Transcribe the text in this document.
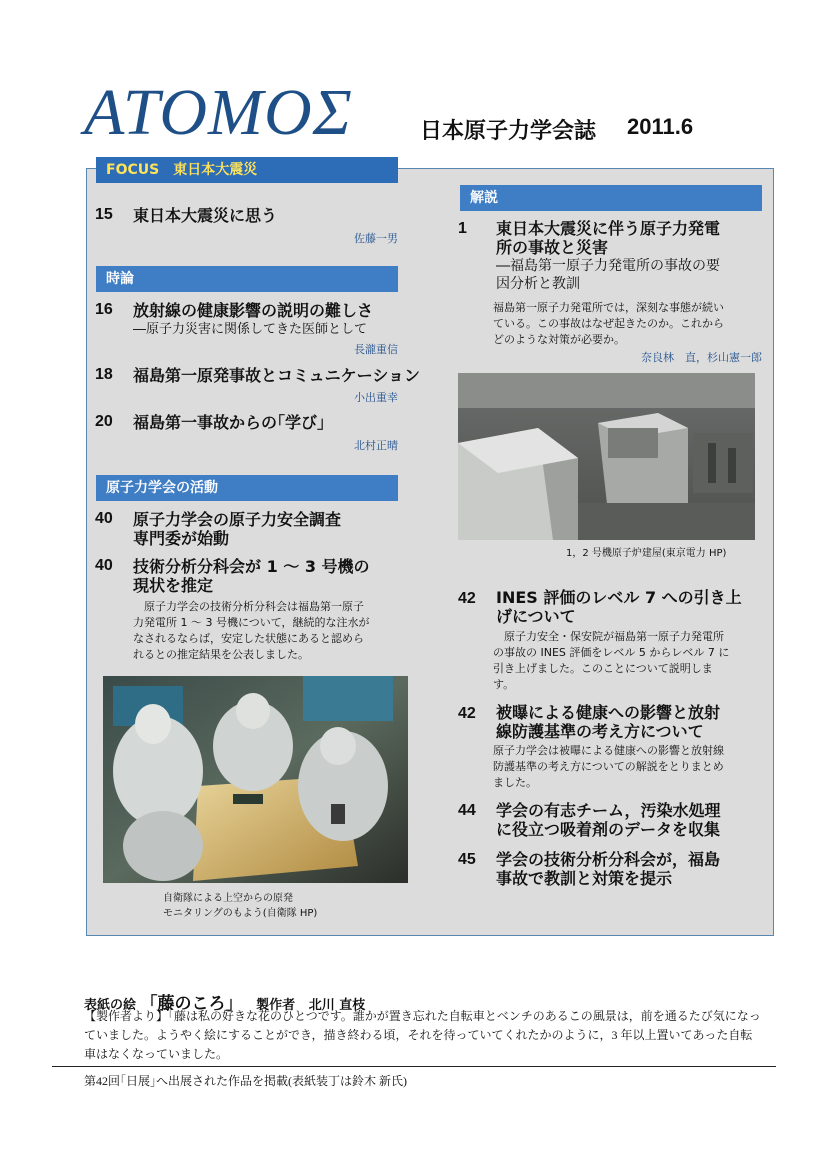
ATOMOΣ	日本原子力学会誌 2011.6
FOCUS　東日本大震災
15 東日本大震災に思う
佐藤一男
時論
16 放射線の健康影響の説明の難しさ
―原子力災害に関係してきた医師として
長瀧重信
18 福島第一原発事故とコミュニケーション
小出重幸
20 福島第一事故からの｢学び｣
北村正晴
原子力学会の活動
40 原子力学会の原子力安全調査
専門委が始動
40 技術分析分科会が 1 ～ 3 号機の
現状を推定
　原子力学会の技術分析分科会は福島第一原子
力発電所 1 ～ 3 号機について，継続的な注水が
なされるならば，安定した状態にあると認めら
れるとの推定結果を公表しました。
自衛隊による上空からの原発
モニタリングのもよう(自衛隊 HP)
解説
1 東日本大震災に伴う原子力発電
所の事故と災害
―福島第一原子力発電所の事故の要
因分析と教訓
福島第一原子力発電所では，深刻な事態が続い
ている。この事故はなぜ起きたのか。これから
どのような対策が必要か。
奈良林　直，杉山憲一郎
1，2 号機原子炉建屋(東京電力 HP)
42 INES 評価のレベル 7 への引き上
げについて
　原子力安全・保安院が福島第一原子力発電所
の事故の INES 評価をレベル 5 からレベル 7 に
引き上げました。このことについて説明しま
す。
42 被曝による健康への影響と放射
線防護基準の考え方について
原子力学会は被曝による健康への影響と放射線
防護基準の考え方についての解説をとりまとめ
ました。
44 学会の有志チーム，汚染水処理
に役立つ吸着剤のデータを収集
45 学会の技術分析分科会が，福島
事故で教訓と対策を提示
表紙の絵 「藤のころ」 製作者 北川 直枝
【製作者より】「藤は私の好きな花のひとつです。誰かが置き忘れた自転車とベンチのあるこの風景は，前を通るたび気になっていました。ようやく絵にすることができ，描き終わる頃，それを待っていてくれたかのように，3 年以上置いてあった自転車はなくなっていました。
第42回｢日展｣へ出展された作品を掲載(表紙装丁は鈴木 新氏)
